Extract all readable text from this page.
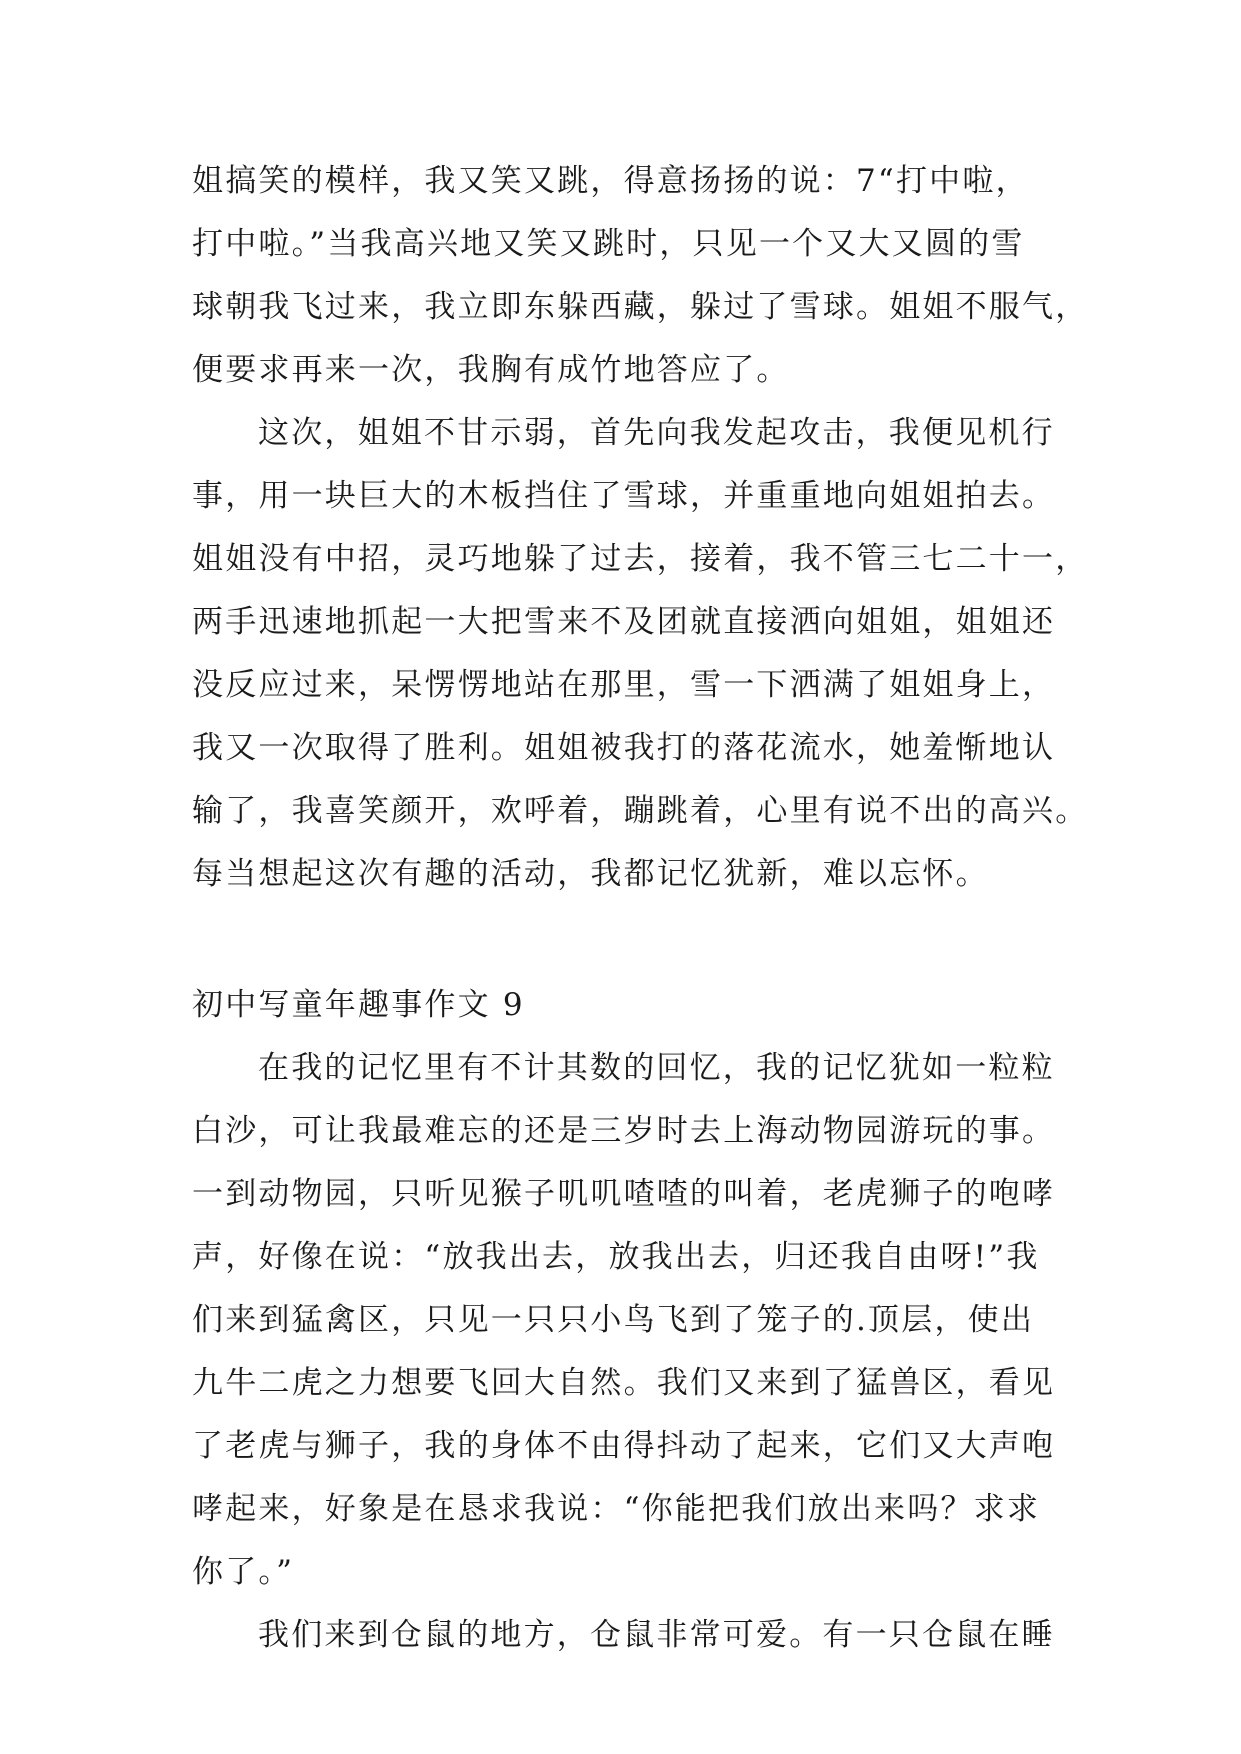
姐搞笑的模样，我又笑又跳，得意扬扬的说：7“打中啦，
打中啦。”当我高兴地又笑又跳时，只见一个又大又圆的雪
球朝我飞过来，我立即东躲西藏，躲过了雪球。姐姐不服气，
便要求再来一次，我胸有成竹地答应了。
这次，姐姐不甘示弱，首先向我发起攻击，我便见机行
事，用一块巨大的木板挡住了雪球，并重重地向姐姐拍去。
姐姐没有中招，灵巧地躲了过去，接着，我不管三七二十一，
两手迅速地抓起一大把雪来不及团就直接洒向姐姐，姐姐还
没反应过来，呆愣愣地站在那里，雪一下洒满了姐姐身上，
我又一次取得了胜利。姐姐被我打的落花流水，她羞惭地认
输了，我喜笑颜开，欢呼着，蹦跳着，心里有说不出的高兴。
每当想起这次有趣的活动，我都记忆犹新，难以忘怀。
初中写童年趣事作文 9
在我的记忆里有不计其数的回忆，我的记忆犹如一粒粒
白沙，可让我最难忘的还是三岁时去上海动物园游玩的事。
一到动物园，只听见猴子叽叽喳喳的叫着，老虎狮子的咆哮
声，好像在说：“放我出去，放我出去，归还我自由呀!”我
们来到猛禽区，只见一只只小鸟飞到了笼子的.顶层，使出
九牛二虎之力想要飞回大自然。我们又来到了猛兽区，看见
了老虎与狮子，我的身体不由得抖动了起来，它们又大声咆
哮起来，好象是在恳求我说：“你能把我们放出来吗？求求
你了。”
我们来到仓鼠的地方，仓鼠非常可爱。有一只仓鼠在睡
